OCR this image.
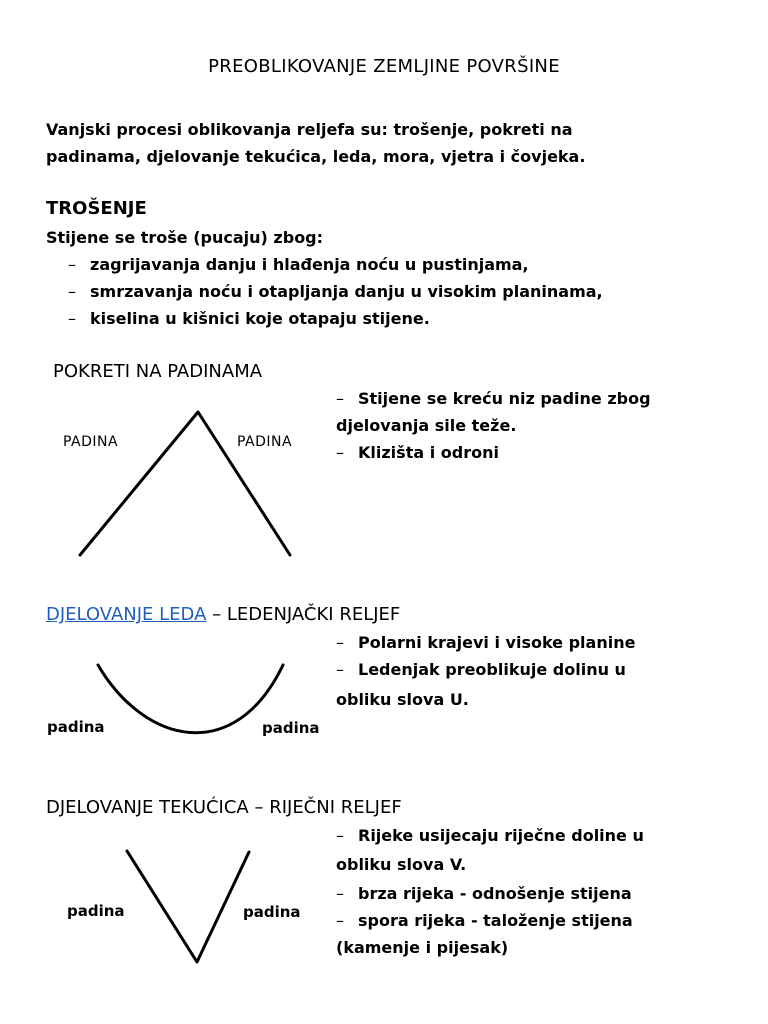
PREOBLIKOVANJE ZEMLJINE POVRŠINE
Vanjski procesi oblikovanja reljefa su: trošenje, pokreti na
padinama, djelovanje tekućica, leda, mora, vjetra i čovjeka.
TROŠENJE
Stijene se troše (pucaju) zbog:
– zagrijavanja danju i hlađenja noću u pustinjama,
– smrzavanja noću i otapljanja danju u visokim planinama,
– kiselina u kišnici koje otapaju stijene.
POKRETI NA PADINAMA
PADINA	PADINA
– Stijene se kreću niz padine zbog
djelovanja sile teže.
– Klizišta i odroni
DJELOVANJE LEDA – LEDENJAČKI RELJEF
– Polarni krajevi i visoke planine
– Ledenjak preoblikuje dolinu u
obliku slova U.
padina	padina
DJELOVANJE TEKUĆICA – RIJEČNI RELJEF
– Rijeke usijecaju riječne doline u
obliku slova V.
– brza rijeka - odnošenje stijena
– spora rijeka - taloženje stijena
(kamenje i pijesak)
padina	padina
